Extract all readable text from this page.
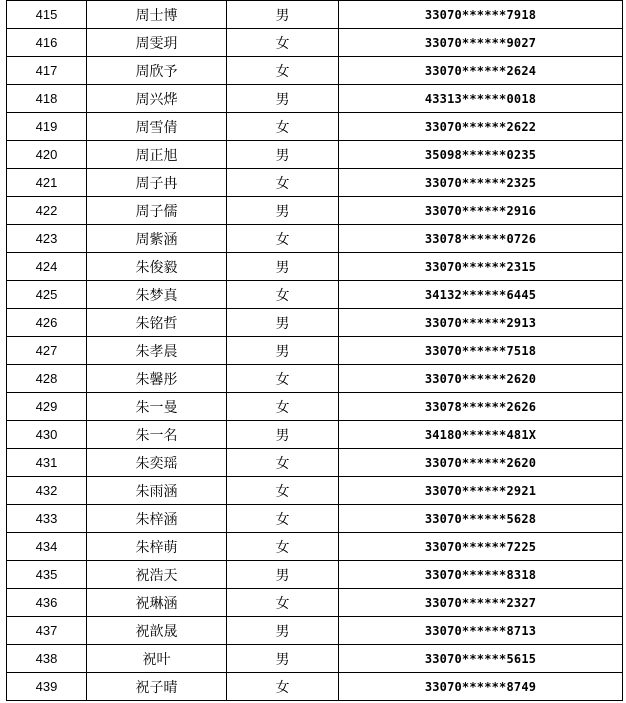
415	周士博	男	33070******7918
416	周雯玥	女	33070******9027
417	周欣予	女	33070******2624
418	周兴烨	男	43313******0018
419	周雪倩	女	33070******2622
420	周正旭	男	35098******0235
421	周子冉	女	33070******2325
422	周子儒	男	33070******2916
423	周紫涵	女	33078******0726
424	朱俊毅	男	33070******2315
425	朱梦真	女	34132******6445
426	朱铭哲	男	33070******2913
427	朱孝晨	男	33070******7518
428	朱馨彤	女	33070******2620
429	朱一曼	女	33078******2626
430	朱一名	男	34180******481X
431	朱奕瑶	女	33070******2620
432	朱雨涵	女	33070******2921
433	朱梓涵	女	33070******5628
434	朱梓萌	女	33070******7225
435	祝浩天	男	33070******8318
436	祝琳涵	女	33070******2327
437	祝歆晟	男	33070******8713
438	祝叶	男	33070******5615
439	祝子晴	女	33070******8749
